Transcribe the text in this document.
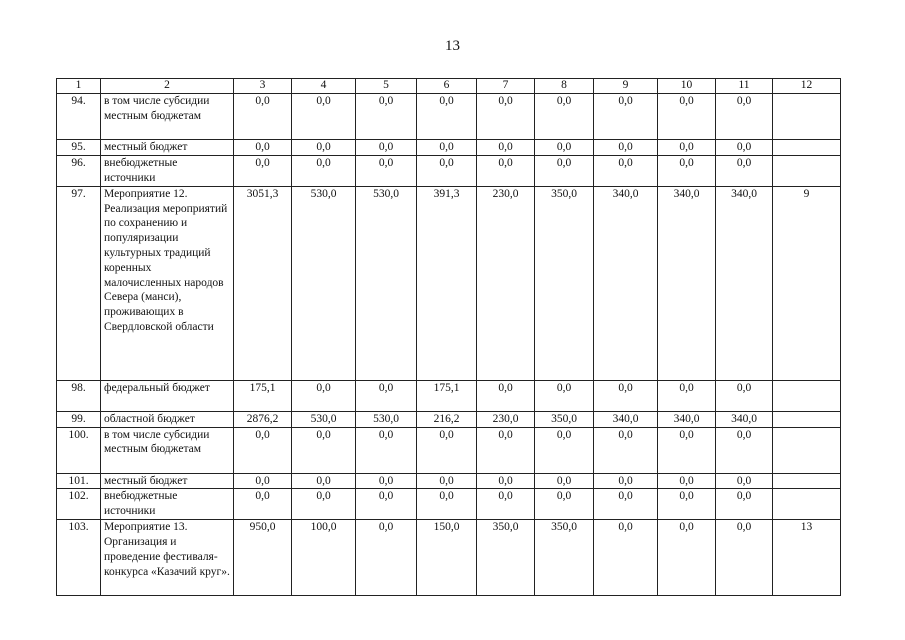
13

1	2	3	4	5	6	7	8	9	10	11	12
94.	в том числе субсидии местным бюджетам	0,0	0,0	0,0	0,0	0,0	0,0	0,0	0,0	0,0	
95.	местный бюджет	0,0	0,0	0,0	0,0	0,0	0,0	0,0	0,0	0,0	
96.	внебюджетные источники	0,0	0,0	0,0	0,0	0,0	0,0	0,0	0,0	0,0	
97.	Мероприятие 12. Реализация мероприятий по сохранению и популяризации культурных традиций коренных малочисленных народов Севера (манси), проживающих в Свердловской области	3051,3	530,0	530,0	391,3	230,0	350,0	340,0	340,0	340,0	9
98.	федеральный бюджет	175,1	0,0	0,0	175,1	0,0	0,0	0,0	0,0	0,0	
99.	областной бюджет	2876,2	530,0	530,0	216,2	230,0	350,0	340,0	340,0	340,0	
100.	в том числе субсидии местным бюджетам	0,0	0,0	0,0	0,0	0,0	0,0	0,0	0,0	0,0	
101.	местный бюджет	0,0	0,0	0,0	0,0	0,0	0,0	0,0	0,0	0,0	
102.	внебюджетные источники	0,0	0,0	0,0	0,0	0,0	0,0	0,0	0,0	0,0	
103.	Мероприятие 13. Организация и проведение фестиваля-конкурса «Казачий круг».	950,0	100,0	0,0	150,0	350,0	350,0	0,0	0,0	0,0	13
